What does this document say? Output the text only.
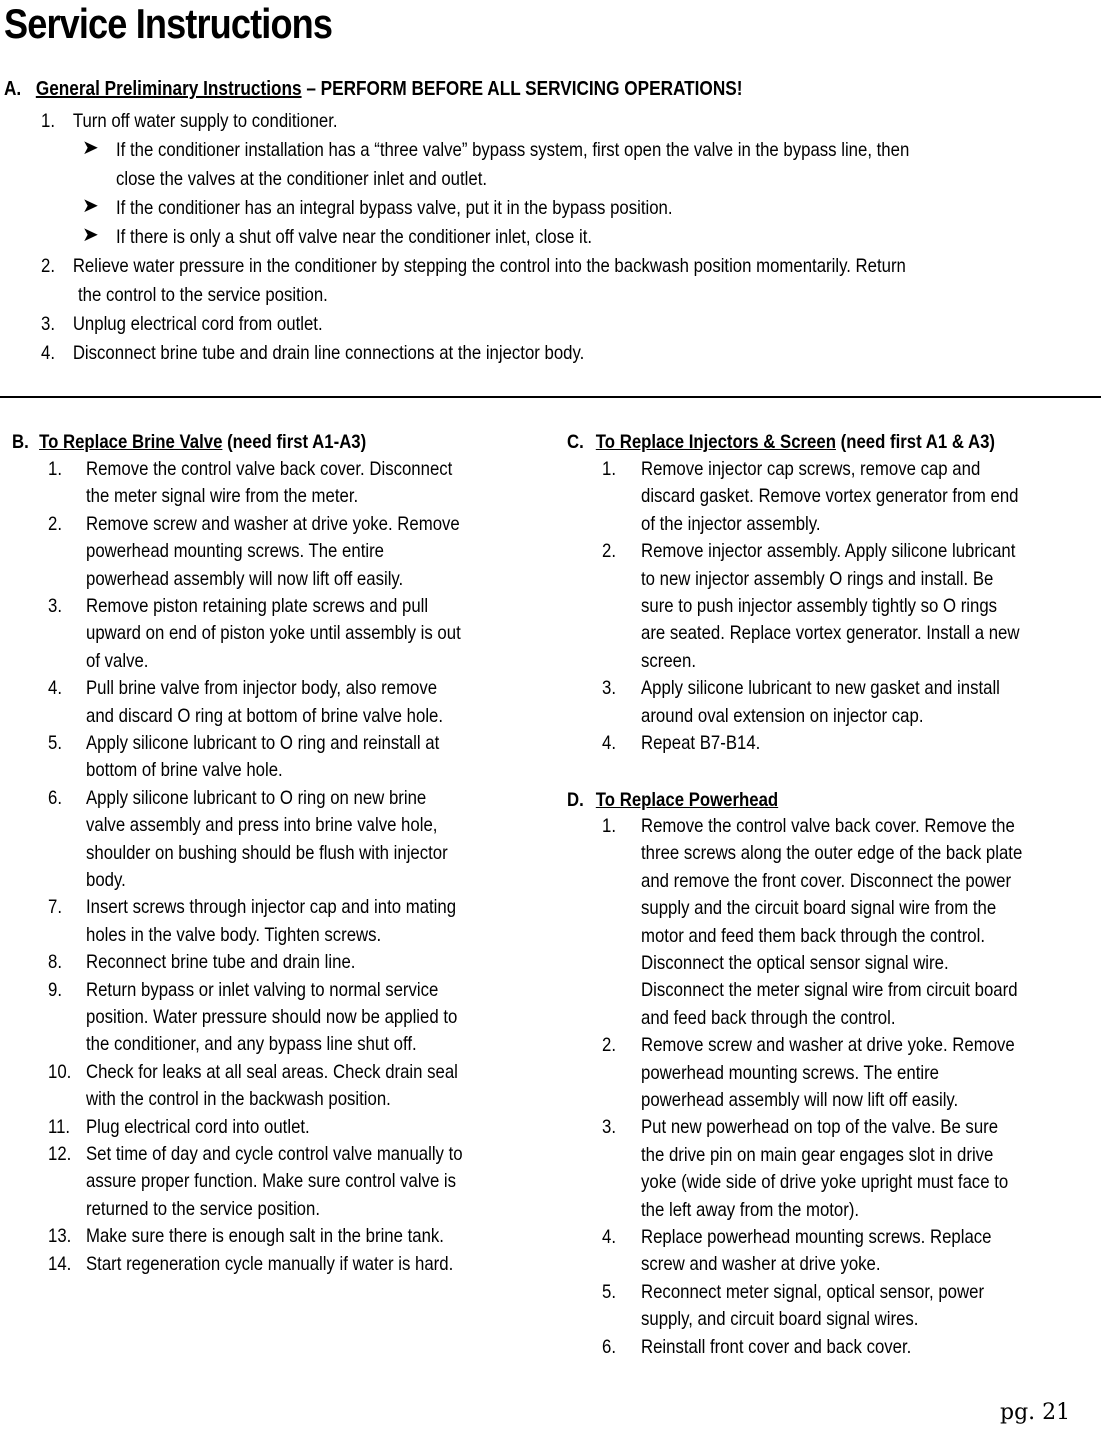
Service Instructions
A. General Preliminary Instructions – PERFORM BEFORE ALL SERVICING OPERATIONS!
1. Turn off water supply to conditioner.
➤ If the conditioner installation has a “three valve” bypass system, first open the valve in the bypass line, then
close the valves at the conditioner inlet and outlet.
➤ If the conditioner has an integral bypass valve, put it in the bypass position.
➤ If there is only a shut off valve near the conditioner inlet, close it.
2. Relieve water pressure in the conditioner by stepping the control into the backwash position momentarily. Return
the control to the service position.
3. Unplug electrical cord from outlet.
4. Disconnect brine tube and drain line connections at the injector body.
B. To Replace Brine Valve (need first A1-A3)
1. Remove the control valve back cover. Disconnect
the meter signal wire from the meter.
2. Remove screw and washer at drive yoke. Remove
powerhead mounting screws. The entire
powerhead assembly will now lift off easily.
3. Remove piston retaining plate screws and pull
upward on end of piston yoke until assembly is out
of valve.
4. Pull brine valve from injector body, also remove
and discard O ring at bottom of brine valve hole.
5. Apply silicone lubricant to O ring and reinstall at
bottom of brine valve hole.
6. Apply silicone lubricant to O ring on new brine
valve assembly and press into brine valve hole,
shoulder on bushing should be flush with injector
body.
7. Insert screws through injector cap and into mating
holes in the valve body. Tighten screws.
8. Reconnect brine tube and drain line.
9. Return bypass or inlet valving to normal service
position. Water pressure should now be applied to
the conditioner, and any bypass line shut off.
10. Check for leaks at all seal areas. Check drain seal
with the control in the backwash position.
11. Plug electrical cord into outlet.
12. Set time of day and cycle control valve manually to
assure proper function. Make sure control valve is
returned to the service position.
13. Make sure there is enough salt in the brine tank.
14. Start regeneration cycle manually if water is hard.
C. To Replace Injectors & Screen (need first A1 & A3)
1. Remove injector cap screws, remove cap and
discard gasket. Remove vortex generator from end
of the injector assembly.
2. Remove injector assembly. Apply silicone lubricant
to new injector assembly O rings and install. Be
sure to push injector assembly tightly so O rings
are seated. Replace vortex generator. Install a new
screen.
3. Apply silicone lubricant to new gasket and install
around oval extension on injector cap.
4. Repeat B7-B14.
D. To Replace Powerhead
1. Remove the control valve back cover. Remove the
three screws along the outer edge of the back plate
and remove the front cover. Disconnect the power
supply and the circuit board signal wire from the
motor and feed them back through the control.
Disconnect the optical sensor signal wire.
Disconnect the meter signal wire from circuit board
and feed back through the control.
2. Remove screw and washer at drive yoke. Remove
powerhead mounting screws. The entire
powerhead assembly will now lift off easily.
3. Put new powerhead on top of the valve. Be sure
the drive pin on main gear engages slot in drive
yoke (wide side of drive yoke upright must face to
the left away from the motor).
4. Replace powerhead mounting screws. Replace
screw and washer at drive yoke.
5. Reconnect meter signal, optical sensor, power
supply, and circuit board signal wires.
6. Reinstall front cover and back cover.
pg. 21
